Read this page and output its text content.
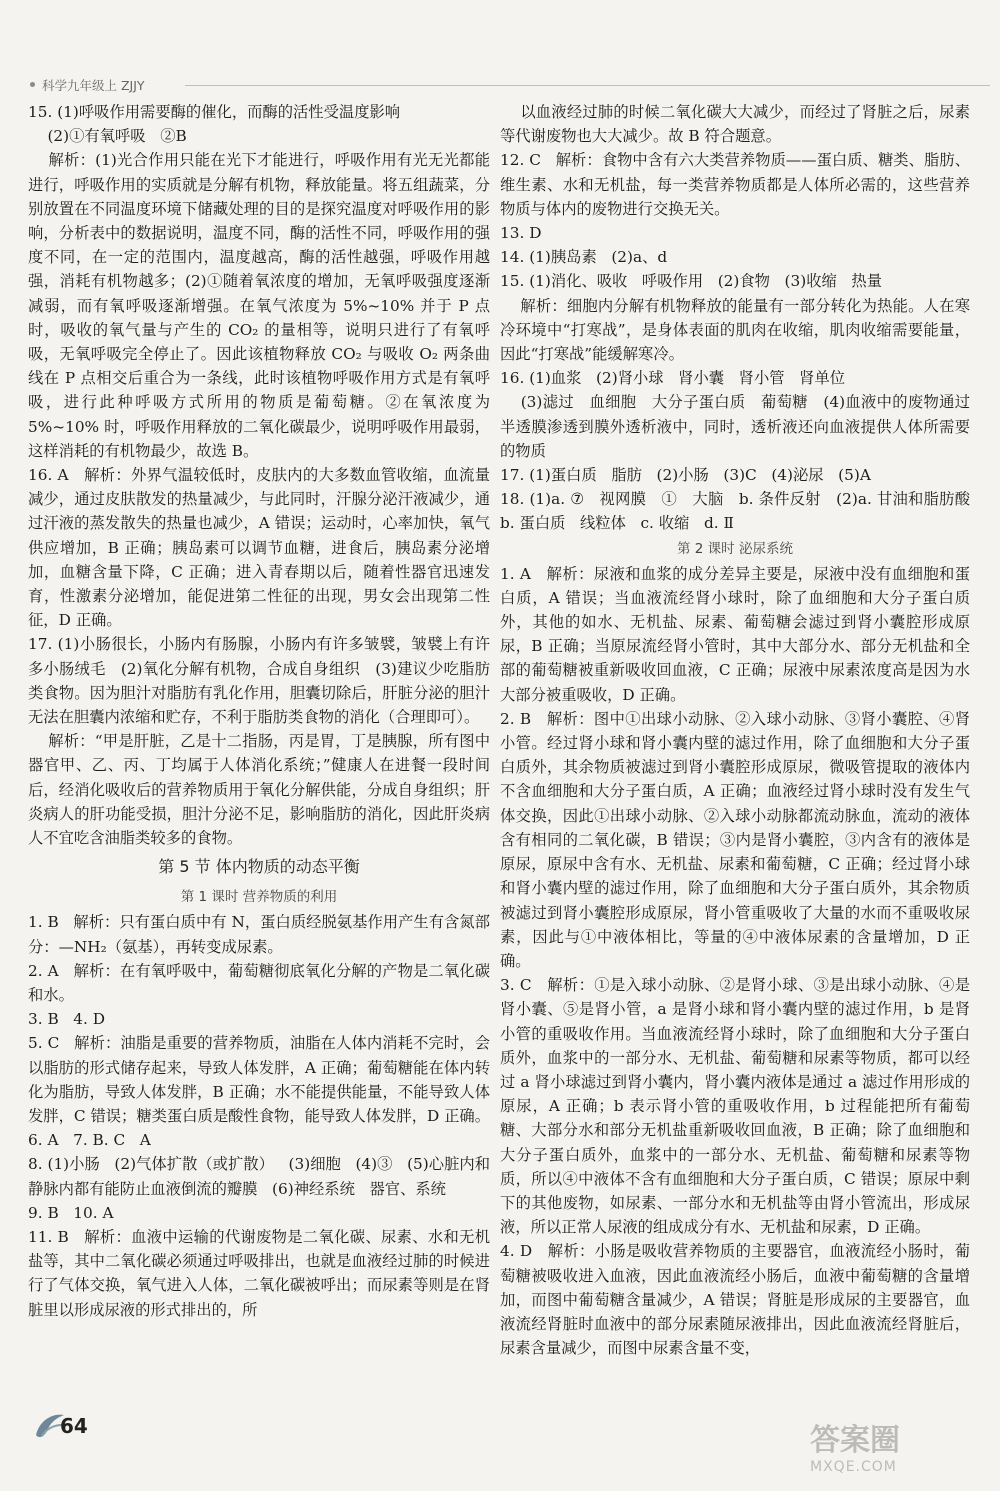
科学九年级上 ZJJY
15. (1)呼吸作用需要酶的催化，而酶的活性受温度影响
(2)①有氧呼吸   ②B
解析：(1)光合作用只能在光下才能进行，呼吸作用有光无光都能进行，呼吸作用的实质就是分解有机物，释放能量。将五组蔬菜，分别放置在不同温度环境下储藏处理的目的是探究温度对呼吸作用的影响，分析表中的数据说明，温度不同，酶的活性不同，呼吸作用的强度不同，在一定的范围内，温度越高，酶的活性越强，呼吸作用越强，消耗有机物越多；(2)①随着氧浓度的增加，无氧呼吸强度逐渐减弱，而有氧呼吸逐渐增强。在氧气浓度为 5%~10% 并于 P 点时，吸收的氧气量与产生的 CO₂ 的量相等，说明只进行了有氧呼吸，无氧呼吸完全停止了。因此该植物释放 CO₂ 与吸收 O₂ 两条曲线在 P 点相交后重合为一条线，此时该植物呼吸作用方式是有氧呼吸，进行此种呼吸方式所用的物质是葡萄糖。②在氧浓度为 5%~10% 时，呼吸作用释放的二氧化碳最少，说明呼吸作用最弱，这样消耗的有机物最少，故选 B。
16. A   解析：外界气温较低时，皮肤内的大多数血管收缩，血流量减少，通过皮肤散发的热量减少，与此同时，汗腺分泌汗液减少，通过汗液的蒸发散失的热量也减少，A 错误；运动时，心率加快，氧气供应增加，B 正确；胰岛素可以调节血糖，进食后，胰岛素分泌增加，血糖含量下降，C 正确；进入青春期以后，随着性器官迅速发育，性激素分泌增加，能促进第二性征的出现，男女会出现第二性征，D 正确。
17. (1)小肠很长，小肠内有肠腺，小肠内有许多皱襞，皱襞上有许多小肠绒毛   (2)氧化分解有机物，合成自身组织   (3)建议少吃脂肪类食物。因为胆汁对脂肪有乳化作用，胆囊切除后，肝脏分泌的胆汁无法在胆囊内浓缩和贮存，不利于脂肪类食物的消化（合理即可）。
解析：“甲是肝脏，乙是十二指肠，丙是胃，丁是胰腺，所有图中器官甲、乙、丙、丁均属于人体消化系统；”健康人在进餐一段时间后，经消化吸收后的营养物质用于氧化分解供能，分成自身组织；肝炎病人的肝功能受损，胆汁分泌不足，影响脂肪的消化，因此肝炎病人不宜吃含油脂类较多的食物。
第 5 节 体内物质的动态平衡
第 1 课时 营养物质的利用
1. B   解析：只有蛋白质中有 N，蛋白质经脱氨基作用产生有含氮部分：—NH₂（氨基），再转变成尿素。
2. A   解析：在有氧呼吸中，葡萄糖彻底氧化分解的产物是二氧化碳和水。
3. B   4. D
5. C   解析：油脂是重要的营养物质，油脂在人体内消耗不完时，会以脂肪的形式储存起来，导致人体发胖，A 正确；葡萄糖能在体内转化为脂肪，导致人体发胖，B 正确；水不能提供能量，不能导致人体发胖，C 错误；糖类蛋白质是酸性食物，能导致人体发胖，D 正确。
6. A   7. B. C   A
8. (1)小肠   (2)气体扩散（或扩散）   (3)细胞   (4)③   (5)心脏内和静脉内都有能防止血液倒流的瓣膜   (6)神经系统   器官、系统
9. B   10. A
11. B   解析：血液中运输的代谢废物是二氧化碳、尿素、水和无机盐等，其中二氧化碳必须通过呼吸排出，也就是血液经过肺的时候进行了气体交换，氧气进入人体，二氧化碳被呼出；而尿素等则是在肾脏里以形成尿液的形式排出的，所
以血液经过肺的时候二氧化碳大大减少，而经过了肾脏之后，尿素等代谢废物也大大减少。故 B 符合题意。
12. C   解析：食物中含有六大类营养物质——蛋白质、糖类、脂肪、维生素、水和无机盐，每一类营养物质都是人体所必需的，这些营养物质与体内的废物进行交换无关。
13. D
14. (1)胰岛素   (2)a、d
15. (1)消化、吸收   呼吸作用   (2)食物   (3)收缩   热量
解析：细胞内分解有机物释放的能量有一部分转化为热能。人在寒冷环境中“打寒战”，是身体表面的肌肉在收缩，肌肉收缩需要能量，因此“打寒战”能缓解寒冷。
16. (1)血浆   (2)肾小球   肾小囊   肾小管   肾单位
(3)滤过   血细胞   大分子蛋白质   葡萄糖   (4)血液中的废物通过半透膜渗透到膜外透析液中，同时，透析液还向血液提供人体所需要的物质
17. (1)蛋白质   脂肪   (2)小肠   (3)C   (4)泌尿   (5)A
18. (1)a. ⑦   视网膜   ①   大脑   b. 条件反射   (2)a. 甘油和脂肪酸   b. 蛋白质   线粒体   c. 收缩   d. Ⅱ
第 2 课时 泌尿系统
1. A   解析：尿液和血浆的成分差异主要是，尿液中没有血细胞和蛋白质，A 错误；当血液流经肾小球时，除了血细胞和大分子蛋白质外，其他的如水、无机盐、尿素、葡萄糖会滤过到肾小囊腔形成原尿，B 正确；当原尿流经肾小管时，其中大部分水、部分无机盐和全部的葡萄糖被重新吸收回血液，C 正确；尿液中尿素浓度高是因为水大部分被重吸收，D 正确。
2. B   解析：图中①出球小动脉、②入球小动脉、③肾小囊腔、④肾小管。经过肾小球和肾小囊内壁的滤过作用，除了血细胞和大分子蛋白质外，其余物质被滤过到肾小囊腔形成原尿，微吸管提取的液体内不含血细胞和大分子蛋白质，A 正确；血液经过肾小球时没有发生气体交换，因此①出球小动脉、②入球小动脉都流动脉血，流动的液体含有相同的二氧化碳，B 错误；③内是肾小囊腔，③内含有的液体是原尿，原尿中含有水、无机盐、尿素和葡萄糖，C 正确；经过肾小球和肾小囊内壁的滤过作用，除了血细胞和大分子蛋白质外，其余物质被滤过到肾小囊腔形成原尿，肾小管重吸收了大量的水而不重吸收尿素，因此与①中液体相比，等量的④中液体尿素的含量增加，D 正确。
3. C   解析：①是入球小动脉、②是肾小球、③是出球小动脉、④是肾小囊、⑤是肾小管，a 是肾小球和肾小囊内壁的滤过作用，b 是肾小管的重吸收作用。当血液流经肾小球时，除了血细胞和大分子蛋白质外，血浆中的一部分水、无机盐、葡萄糖和尿素等物质，都可以经过 a 肾小球滤过到肾小囊内，肾小囊内液体是通过 a 滤过作用形成的原尿，A 正确；b 表示肾小管的重吸收作用，b 过程能把所有葡萄糖、大部分水和部分无机盐重新吸收回血液，B 正确；除了血细胞和大分子蛋白质外，血浆中的一部分水、无机盐、葡萄糖和尿素等物质，所以④中液体不含有血细胞和大分子蛋白质，C 错误；原尿中剩下的其他废物，如尿素、一部分水和无机盐等由肾小管流出，形成尿液，所以正常人尿液的组成成分有水、无机盐和尿素，D 正确。
4. D   解析：小肠是吸收营养物质的主要器官，血液流经小肠时，葡萄糖被吸收进入血液，因此血液流经小肠后，血液中葡萄糖的含量增加，而图中葡萄糖含量减少，A 错误；肾脏是形成尿的主要器官，血液流经肾脏时血液中的部分尿素随尿液排出，因此血液流经肾脏后，尿素含量减少，而图中尿素含量不变，
64	答案圈
MXQE.COM
